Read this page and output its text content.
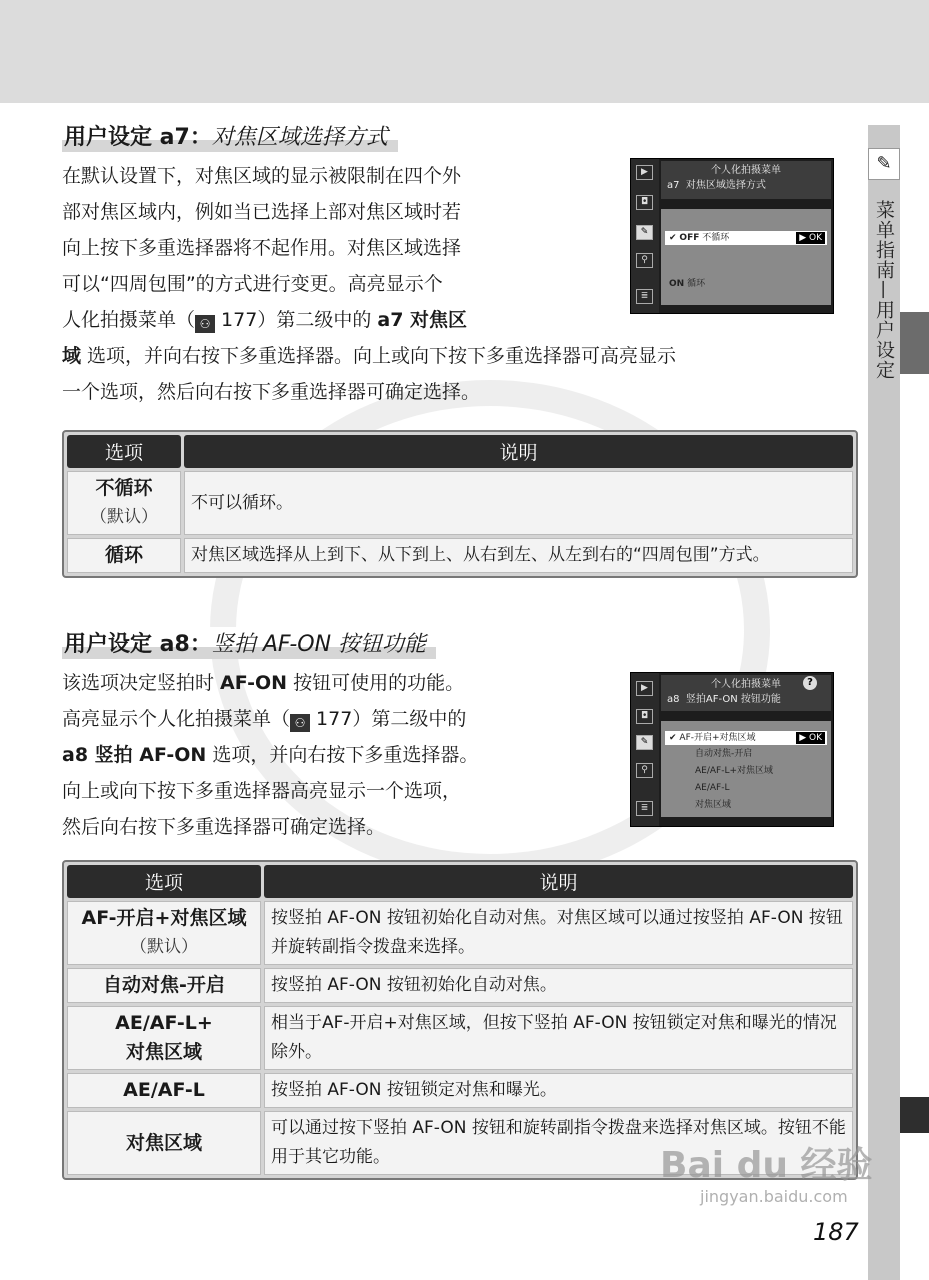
✎
菜单指南—用户设定
用户设定 a7：对焦区域选择方式
在默认设置下，对焦区域的显示被限制在四个外
部对焦区域内，例如当已选择上部对焦区域时若
向上按下多重选择器将不起作用。对焦区域选择
可以“四周包围”的方式进行变更。高亮显示个
人化拍摄菜单（ ⚇ 177）第二级中的 a7 对焦区
域 选项，并向右按下多重选择器。向上或向下按下多重选择器可高亮显示
一个选项，然后向右按下多重选择器可确定选择。
▶
◘
✎
⚲
≣
个人化拍摄菜单
a7 对焦区域选择方式
✔ OFF 不循环	▶ OK
ON 循环
选项	说明
不循环
（默认）	不可以循环。
循环	对焦区域选择从上到下、从下到上、从右到左、从左到右的“四周包围”方式。
用户设定 a8：竖拍 AF-ON 按钮功能
该选项决定竖拍时 AF-ON 按钮可使用的功能。
高亮显示个人化拍摄菜单（ ⚇ 177）第二级中的
a8 竖拍 AF-ON 选项，并向右按下多重选择器。
向上或向下按下多重选择器高亮显示一个选项，
然后向右按下多重选择器可确定选择。
▶
◘
✎
⚲
≣
个人化拍摄菜单	?
a8 竖拍AF-ON 按钮功能
✔ AF-开启+对焦区域	▶ OK
自动对焦-开启
AE/AF-L+对焦区域
AE/AF-L
对焦区域
选项	说明
AF-开启+对焦区域
（默认）	按竖拍 AF-ON 按钮初始化自动对焦。对焦区域可以通过按竖拍 AF-ON 按钮并旋转副指令拨盘来选择。
自动对焦-开启	按竖拍 AF-ON 按钮初始化自动对焦。
AE/AF-L+
对焦区域	相当于AF-开启+对焦区域，但按下竖拍 AF-ON 按钮锁定对焦和曝光的情况除外。
AE/AF-L	按竖拍 AF-ON 按钮锁定对焦和曝光。
对焦区域	可以通过按下竖拍 AF-ON 按钮和旋转副指令拨盘来选择对焦区域。按钮不能用于其它功能。	Bai du 经验
jingyan.baidu.com
187
